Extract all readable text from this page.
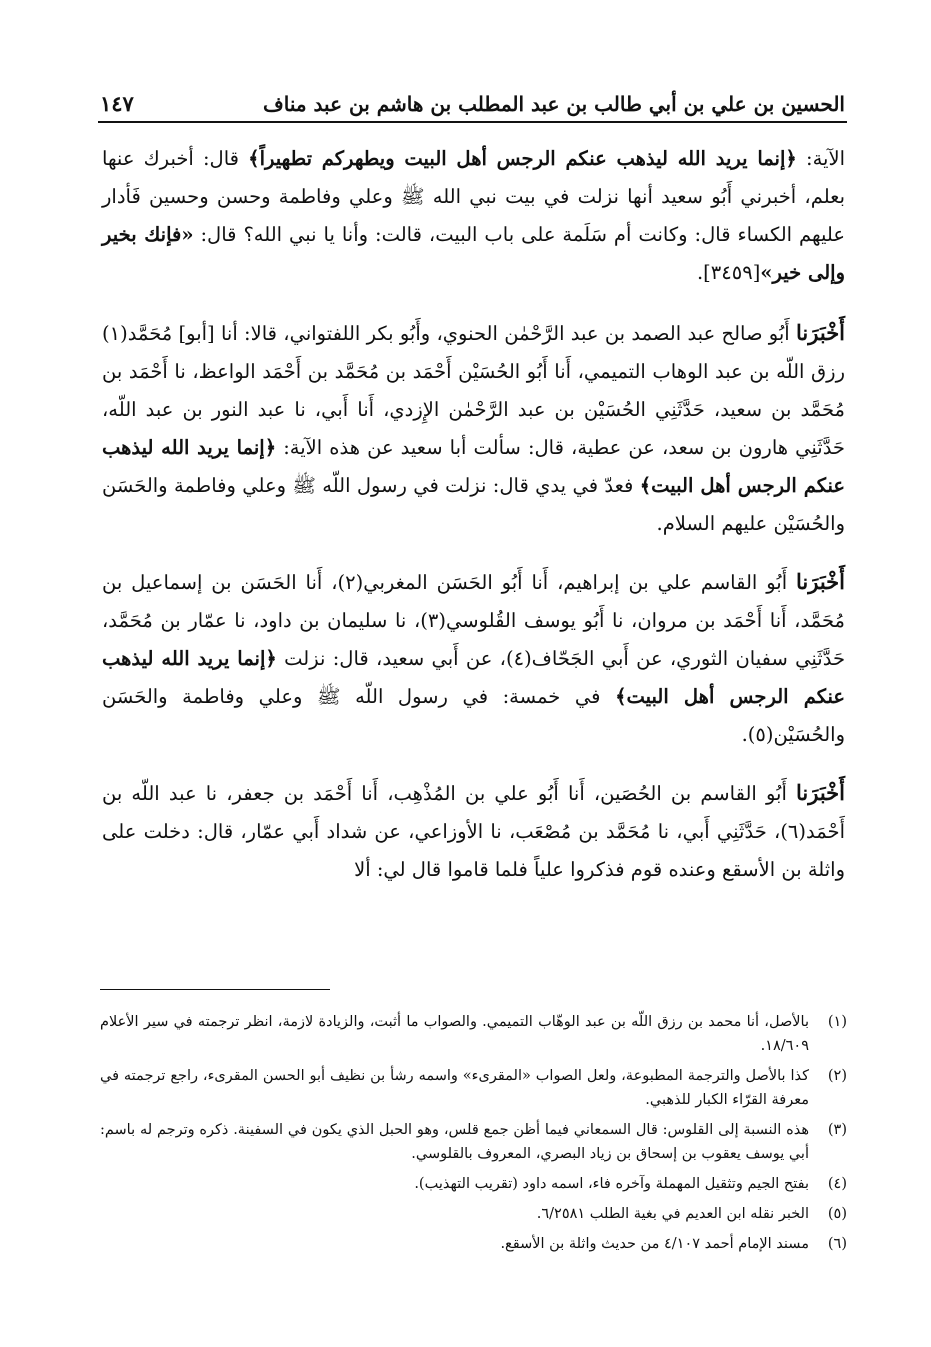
الحسين بن علي بن أبي طالب بن عبد المطلب بن هاشم بن عبد مناف
١٤٧

الآية: ﴿إنما يريد الله ليذهب عنكم الرجس أهل البيت ويطهركم تطهيراً﴾ قال: أخبرك عنها بعلم، أخبرني أَبُو سعيد أنها نزلت في بيت نبي الله ﷺ وعلي وفاطمة وحسن وحسين فَأدار عليهم الكساء قال: وكانت أم سَلَمة على باب البيت، قالت: وأنا يا نبي الله؟ قال: «فإنك بخير وإلى خير»[٣٤٥٩].

أَخْبَرَنا أَبُو صالح عبد الصمد بن عبد الرَّحْمٰن الحنوي، وأَبُو بكر اللفتواني، قالا: أنا [أبو] مُحَمَّد(١) رزق اللّه بن عبد الوهاب التميمي، أَنا أَبُو الحُسَيْن أَحْمَد بن مُحَمَّد بن أَحْمَد الواعظ، نا أَحْمَد بن مُحَمَّد بن سعيد، حَدَّثَنِي الحُسَيْن بن عبد الرَّحْمٰن الإِزدي، أَنا أَبي، نا عبد النور بن عبد اللّه، حَدَّثَنِي هارون بن سعد، عن عطية، قال: سألت أبا سعيد عن هذه الآية: ﴿إنما يريد الله ليذهب عنكم الرجس أهل البيت﴾ فعدّ في يدي قال: نزلت في رسول اللّه ﷺ وعلي وفاطمة والحَسَن والحُسَيْن عليهم السلام.

أَخْبَرَنا أَبُو القاسم علي بن إبراهيم، أَنا أَبُو الحَسَن المغربي(٢)، أَنا الحَسَن بن إسماعيل بن مُحَمَّد، أَنا أَحْمَد بن مروان، نا أَبُو يوسف القُلوسي(٣)، نا سليمان بن داود، نا عمّار بن مُحَمَّد، حَدَّثَنِي سفيان الثوري، عن أَبي الجَحّاف(٤)، عن أَبي سعيد، قال: نزلت ﴿إنما يريد الله ليذهب عنكم الرجس أهل البيت﴾ في خمسة: في رسول اللّه ﷺ وعلي وفاطمة والحَسَن والحُسَيْن(٥).

أَخْبَرَنا أَبُو القاسم بن الحُصَين، أَنا أَبُو علي بن المُذْهِب، أَنا أَحْمَد بن جعفر، نا عبد اللّه بن أَحْمَد(٦)، حَدَّثَنِي أَبي، نا مُحَمَّد بن مُصْعَب، نا الأوزاعي، عن شداد أَبي عمّار، قال: دخلت على واثلة بن الأسقع وعنده قوم فذكروا علياً فلما قاموا قال لي: ألا

(١)
بالأصل، أنا محمد بن رزق اللّه بن عبد الوهّاب التميمي. والصواب ما أثبت، والزيادة لازمة، انظر ترجمته في سير الأعلام ١٨/٦٠٩.
(٢)
كذا بالأصل والترجمة المطبوعة، ولعل الصواب «المقرىء» واسمه رشأ بن نظيف أبو الحسن المقرىء، راجع ترجمته في معرفة القرّاء الكبار للذهبي.
(٣)
هذه النسبة إلى القلوس: قال السمعاني فيما أظن جمع قلس، وهو الحبل الذي يكون في السفينة. ذكره وترجم له باسم: أبي يوسف يعقوب بن إسحاق بن زياد البصري، المعروف بالقلوسي.
(٤)
بفتح الجيم وتثقيل المهملة وآخره فاء، اسمه داود (تقريب التهذيب).
(٥)
الخبر نقله ابن العديم في بغية الطلب ٦/٢٥٨١.
(٦)
مسند الإمام أحمد ٤/١٠٧ من حديث واثلة بن الأسقع.
